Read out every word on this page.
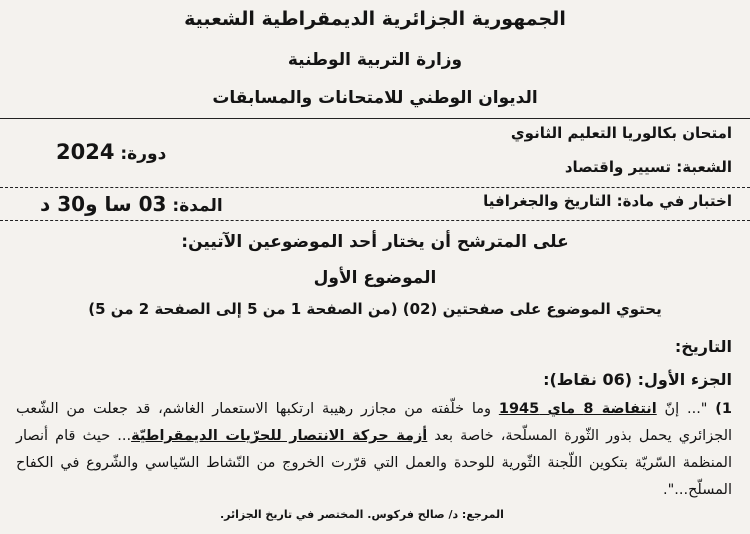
الجمهورية الجزائرية الديمقراطية الشعبية
وزارة التربية الوطنية
الديوان الوطني للامتحانات والمسابقات
امتحان بكالوريا التعليم الثانوي
دورة: 2024
الشعبة: تسيير واقتصاد
اختبار في مادة: التاريخ والجغرافيا
المدة: 03 سا و30 د
على المترشح أن يختار أحد الموضوعين الآتيين:
الموضوع الأول
يحتوي الموضوع على صفحتين (02) (من الصفحة 1 من 5 إلى الصفحة 2 من 5)
التاريخ:
الجزء الأول: (06 نقاط):
1) "... إنّ انتفاضة 8 ماي 1945 وما خلّفته من مجازر رهيبة ارتكبها الاستعمار الغاشم، قد جعلت من الشّعب الجزائري يحمل بذور الثّورة المسلّحة، خاصة بعد أزمة حركة الانتصار للحرّيات الديمقراطيّة... حيث قام أنصار المنظمة السّريّة بتكوين اللّجنة الثّورية للوحدة والعمل التي قرّرت الخروج من النّشاط السّياسي والشّروع في الكفاح المسلّح...".
المرجع: د/ صالح فركوس. المختصر في تاريخ الجزائر.
